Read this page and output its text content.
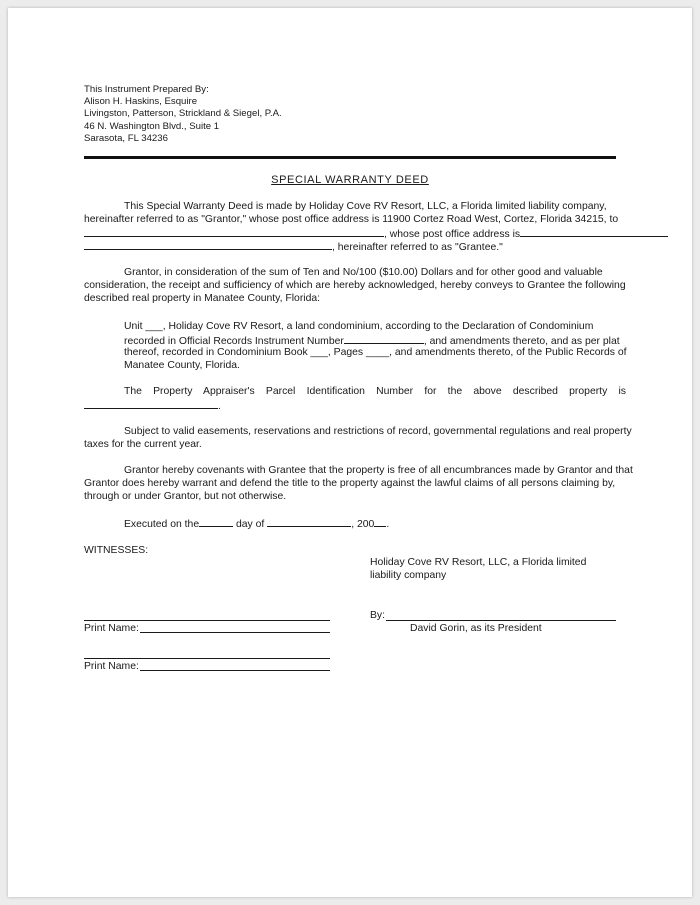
This Instrument Prepared By:
Alison H. Haskins, Esquire
Livingston, Patterson, Strickland & Siegel, P.A.
46 N. Washington Blvd., Suite 1
Sarasota, FL 34236
SPECIAL WARRANTY DEED
This Special Warranty Deed is made by Holiday Cove RV Resort, LLC, a Florida limited liability company,
hereinafter referred to as "Grantor," whose post office address is 11900 Cortez Road West, Cortez, Florida 34215, to
, whose post office address is
, hereinafter referred to as "Grantee."
Grantor, in consideration of the sum of Ten and No/100 ($10.00) Dollars and for other good and valuable
consideration, the receipt and sufficiency of which are hereby acknowledged, hereby conveys to Grantee the following
described real property in Manatee County, Florida:
Unit ___, Holiday Cove RV Resort, a land condominium, according to the Declaration of Condominium
recorded in Official Records Instrument Number	, and amendments thereto, and as per plat
thereof, recorded in Condominium Book ___, Pages ____, and amendments thereto, of the Public Records of
Manatee County, Florida.
The Property Appraiser's Parcel Identification Number for the above described property is
.
Subject to valid easements, reservations and restrictions of record, governmental regulations and real property
taxes for the current year.
Grantor hereby covenants with Grantee that the property is free of all encumbrances made by Grantor and that
Grantor does hereby warrant and defend the title to the property against the lawful claims of all persons claiming by,
through or under Grantor, but not otherwise.
Executed on the	day of	, 200 .
WITNESSES:
Holiday Cove RV Resort, LLC, a Florida limited
liability company
By:
Print Name:	David Gorin, as its President
Print Name:
